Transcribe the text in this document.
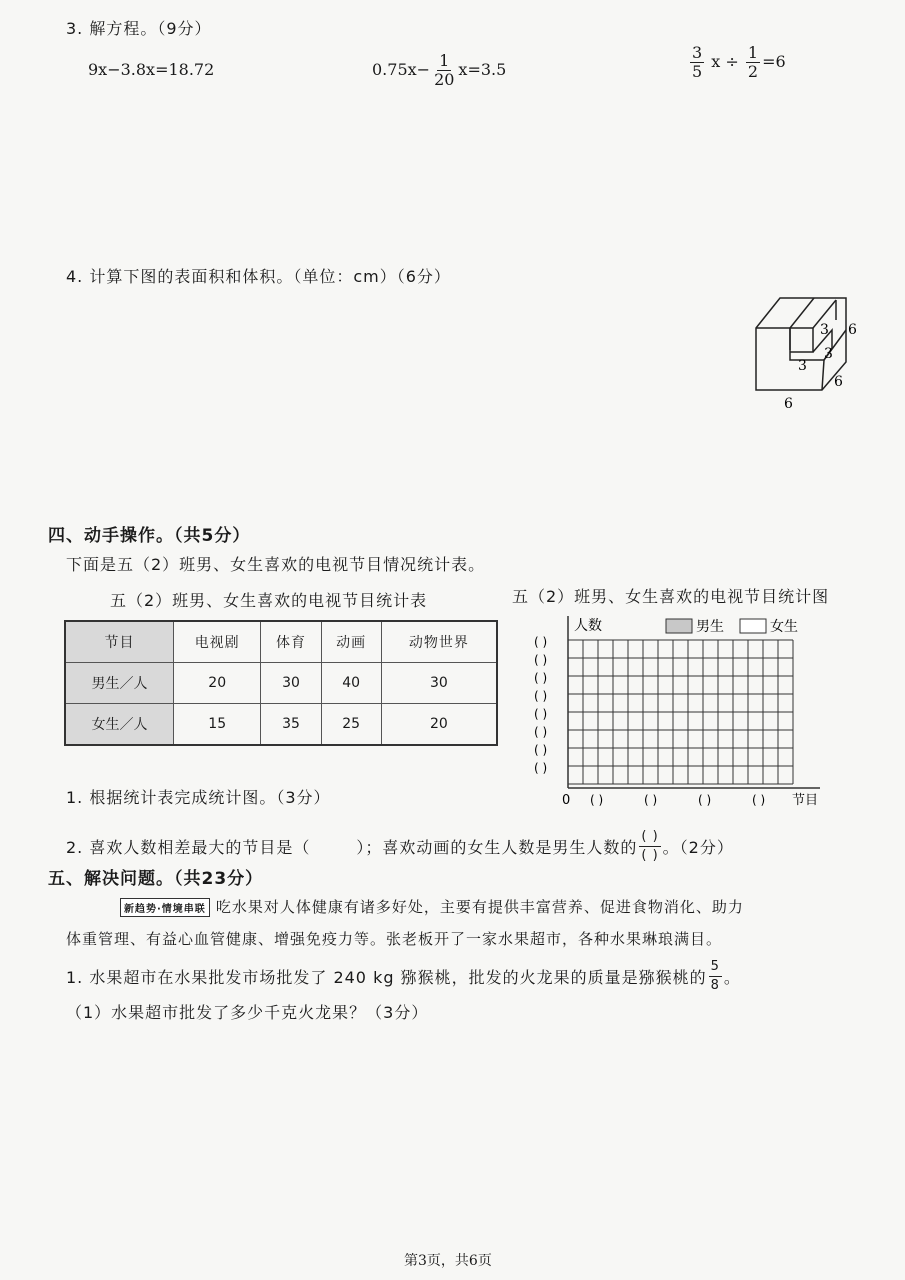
3. 解方程。（9分）
9x−3.8x=18.72	$0.75x- \frac{1}{20} x=3.5$	$\frac{3}{5}$ $x \div \frac{1}{2} =6$
4. 计算下图的表面积和体积。（单位：cm）（6分）
3
3
3
6
6
6
四、动手操作。（共5分）
下面是五（2）班男、女生喜欢的电视节目情况统计表。
五（2）班男、女生喜欢的电视节目统计表	五（2）班男、女生喜欢的电视节目统计图
节目	电视剧	体育	动画	动物世界
男生／人	20	30	40	30
女生／人	15	35	25	20
人数	男生	女生
0	节目
( )
( )
( )
( )
( )
( )
( )
( )
( )	( )	( )	( )
1. 根据统计表完成统计图。（3分）
2. 喜欢人数相差最大的节目是（	）；喜欢动画的女生人数是男生人数的 $\frac{( )}{( )}$ 。（2分）
五、解决问题。（共23分）
新趋势·情境串联 吃水果对人体健康有诸多好处，主要有提供丰富营养、促进食物消化、助力
体重管理、有益心血管健康、增强免疫力等。张老板开了一家水果超市，各种水果琳琅满目。
1. 水果超市在水果批发市场批发了 240 kg 猕猴桃，批发的火龙果的质量是猕猴桃的 $\frac{5}{8}$ 。
（1）水果超市批发了多少千克火龙果？（3分）
第3页，共6页
